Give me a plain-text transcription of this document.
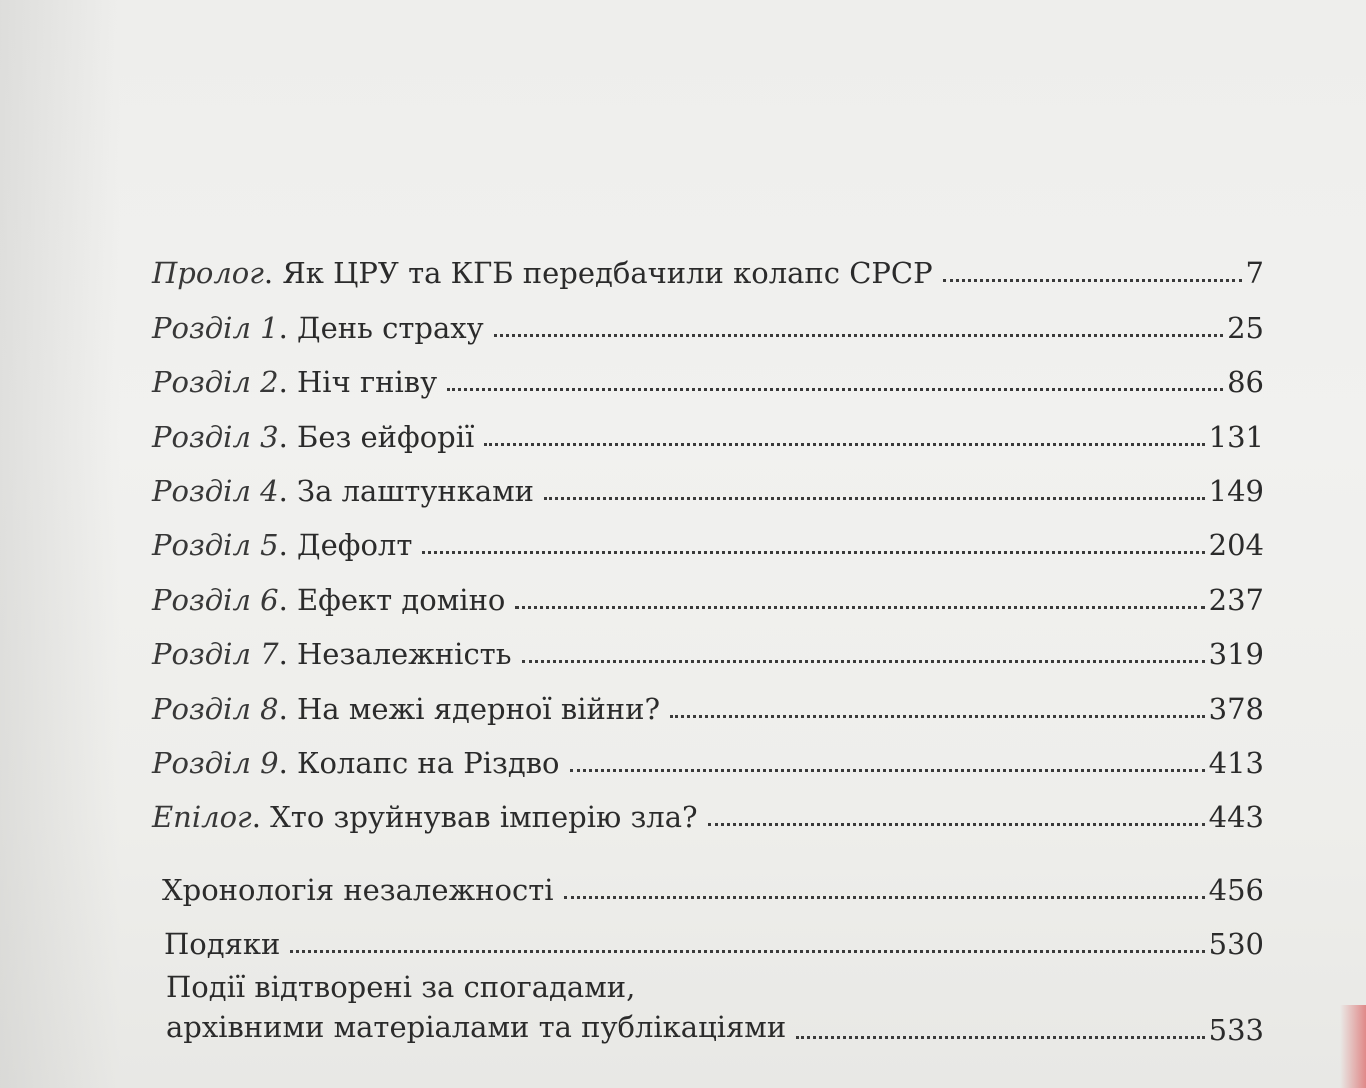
Пролог. Як ЦРУ та КГБ передбачили колапс СРСР	7
Розділ 1. День страху	25
Розділ 2. Ніч гніву	86
Розділ 3. Без ейфорії	131
Розділ 4. За лаштунками	149
Розділ 5. Дефолт	204
Розділ 6. Ефект доміно	237
Розділ 7. Незалежність	319
Розділ 8. На межі ядерної війни?	378
Розділ 9. Колапс на Різдво	413
Епілог. Хто зруйнував імперію зла?	443
Хронологія незалежності	456
Подяки	530
Події відтворені за спогадами,
архівними матеріалами та публікаціями	533
